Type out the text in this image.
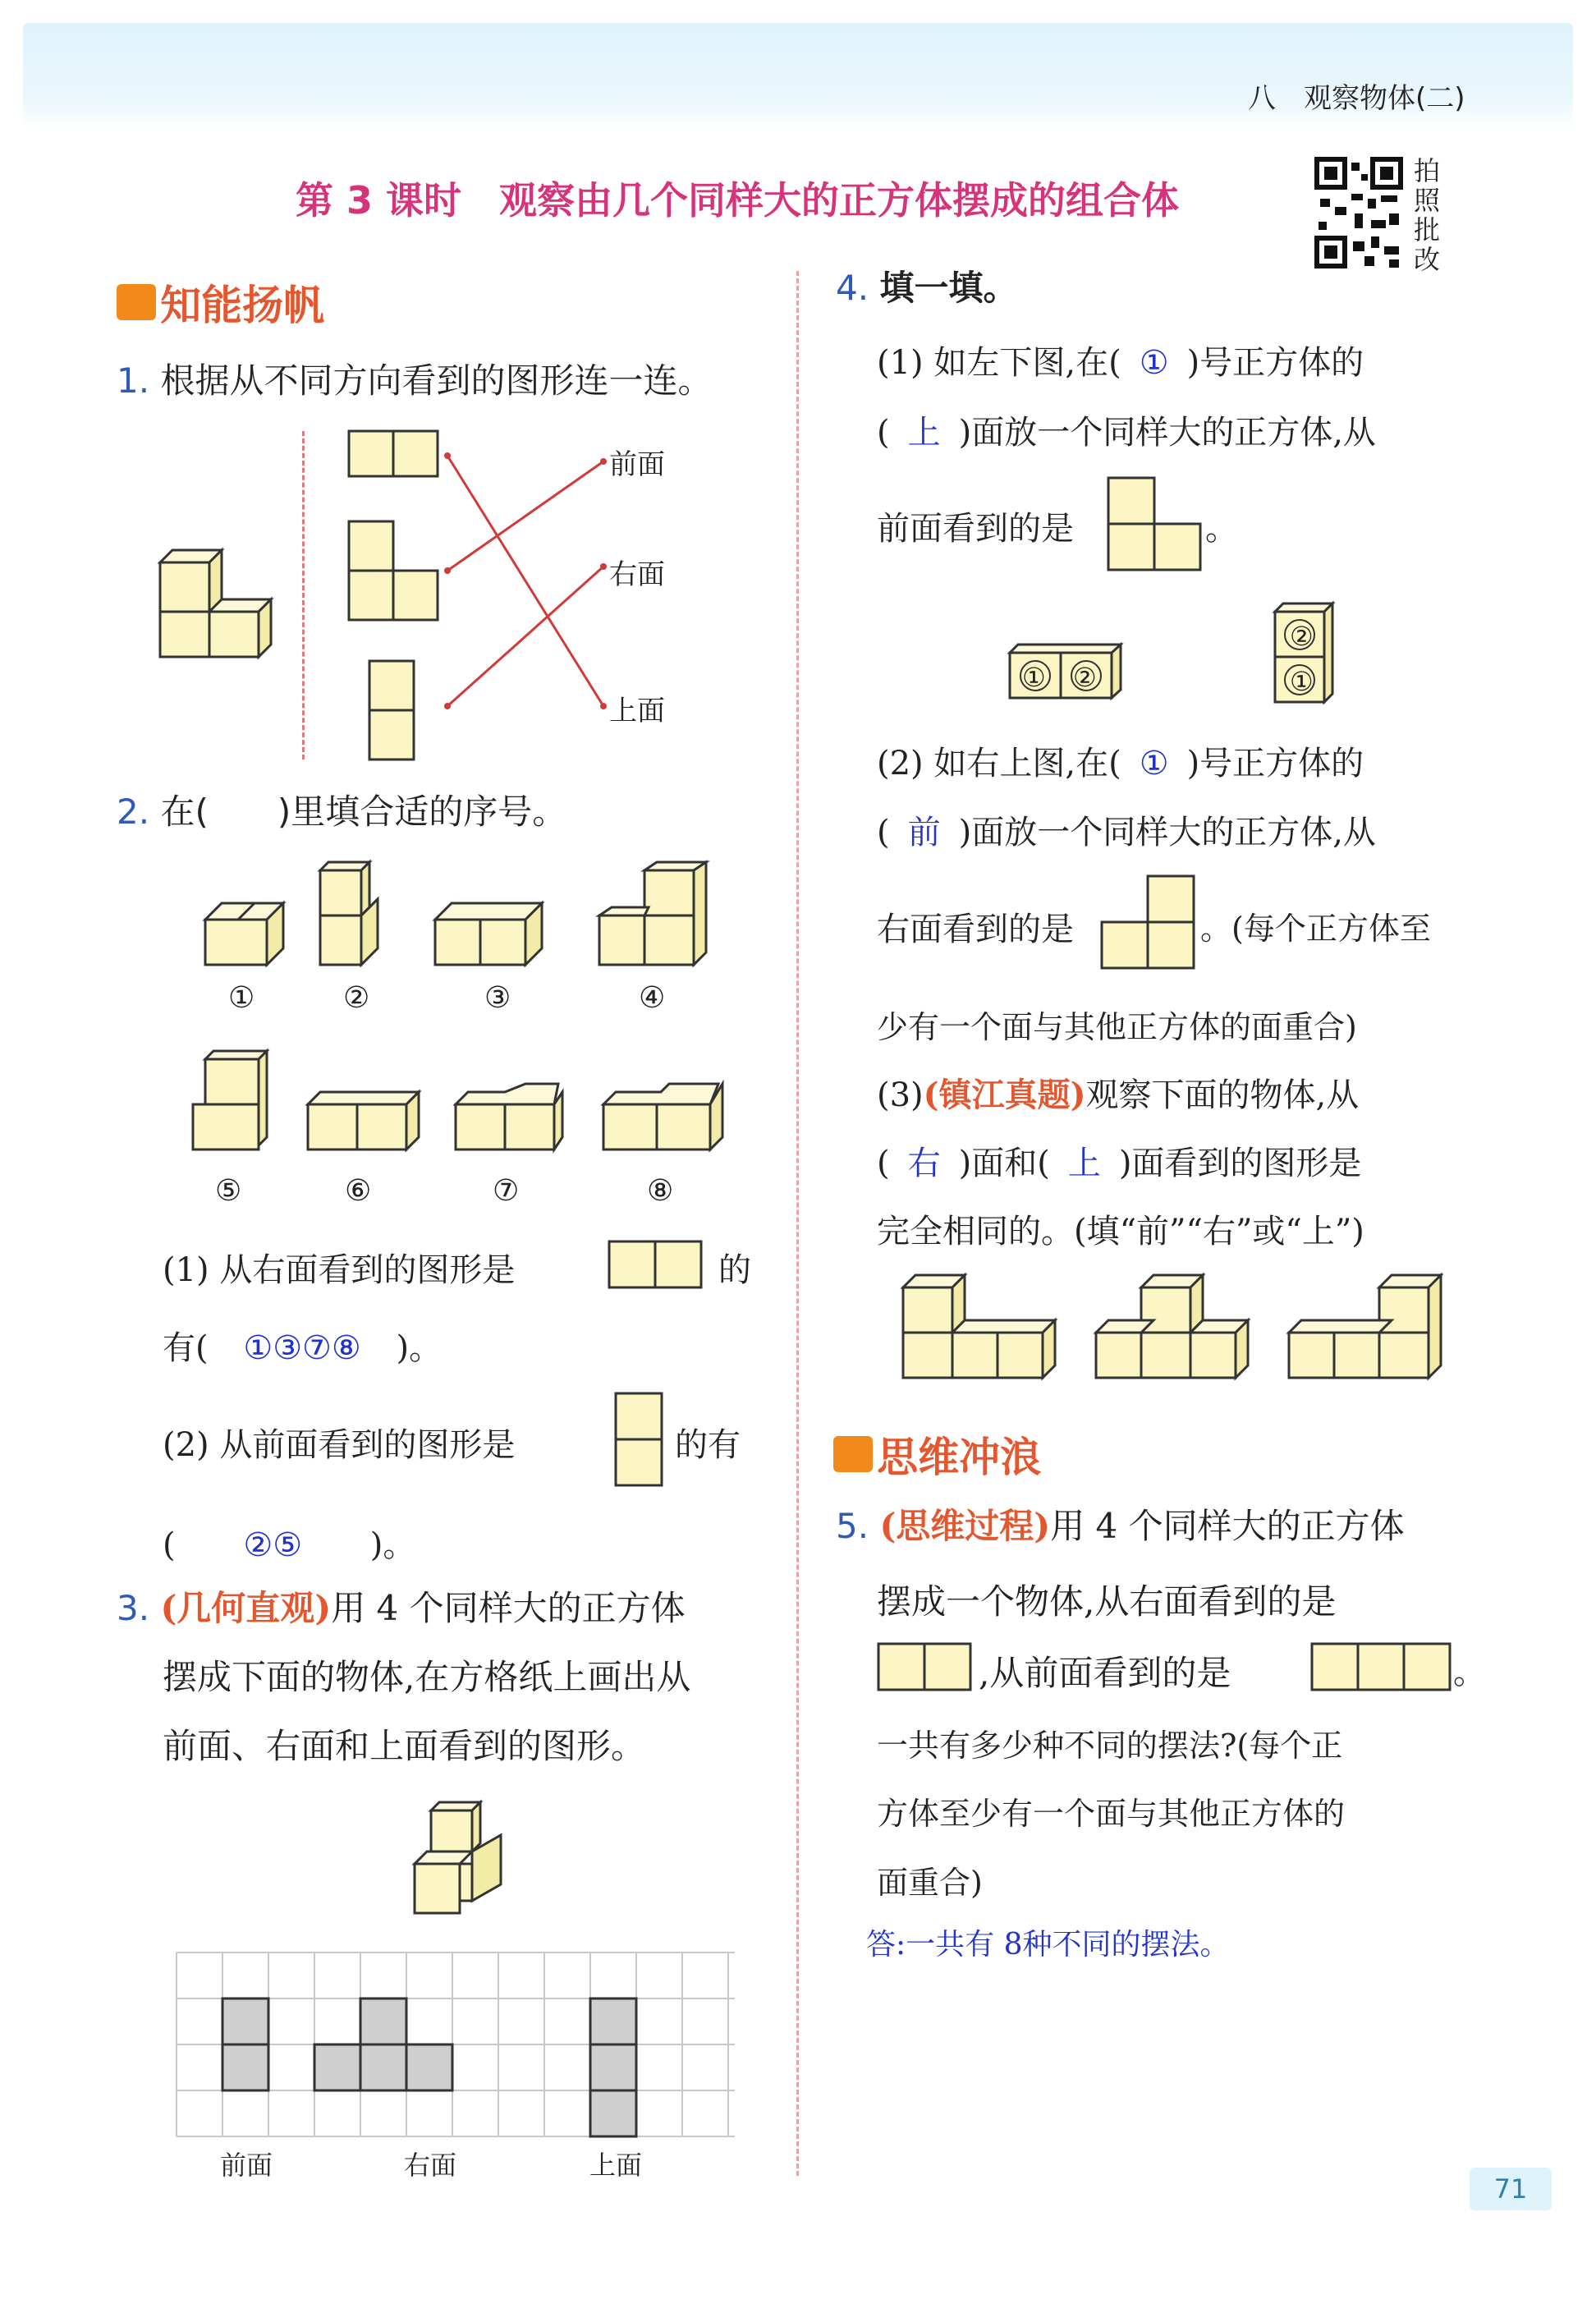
八　观察物体(二)
第 3 课时　观察由几个同样大的正方体摆成的组合体
拍照批改
知能扬帆
1. 根据从不同方向看到的图形连一连。
前面
右面
上面
2. 在(　　)里填合适的序号。
①	②	③	④
⑤	⑥	⑦	⑧
(1) 从右面看到的图形是	的
有( ①③⑦⑧ )。
(2) 从前面看到的图形是	的有
( ②⑤ )。
3. (几何直观)用 4 个同样大的正方体
摆成下面的物体,在方格纸上画出从
前面、右面和上面看到的图形。
前面	右面	上面
4. 填一填。
(1) 如左下图,在( ① )号正方体的
( 上 )面放一个同样大的正方体,从
前面看到的是	。
① ②
②
①
(2) 如右上图,在( ① )号正方体的
( 前 )面放一个同样大的正方体,从
右面看到的是	。(每个正方体至
少有一个面与其他正方体的面重合)
(3)(镇江真题)观察下面的物体,从
( 右 )面和( 上 )面看到的图形是
完全相同的。(填“前”“右”或“上”)
思维冲浪
5. (思维过程)用 4 个同样大的正方体
摆成一个物体,从右面看到的是
,从前面看到的是	。
一共有多少种不同的摆法?(每个正
方体至少有一个面与其他正方体的
面重合)
答:一共有 8种不同的摆法。
71
